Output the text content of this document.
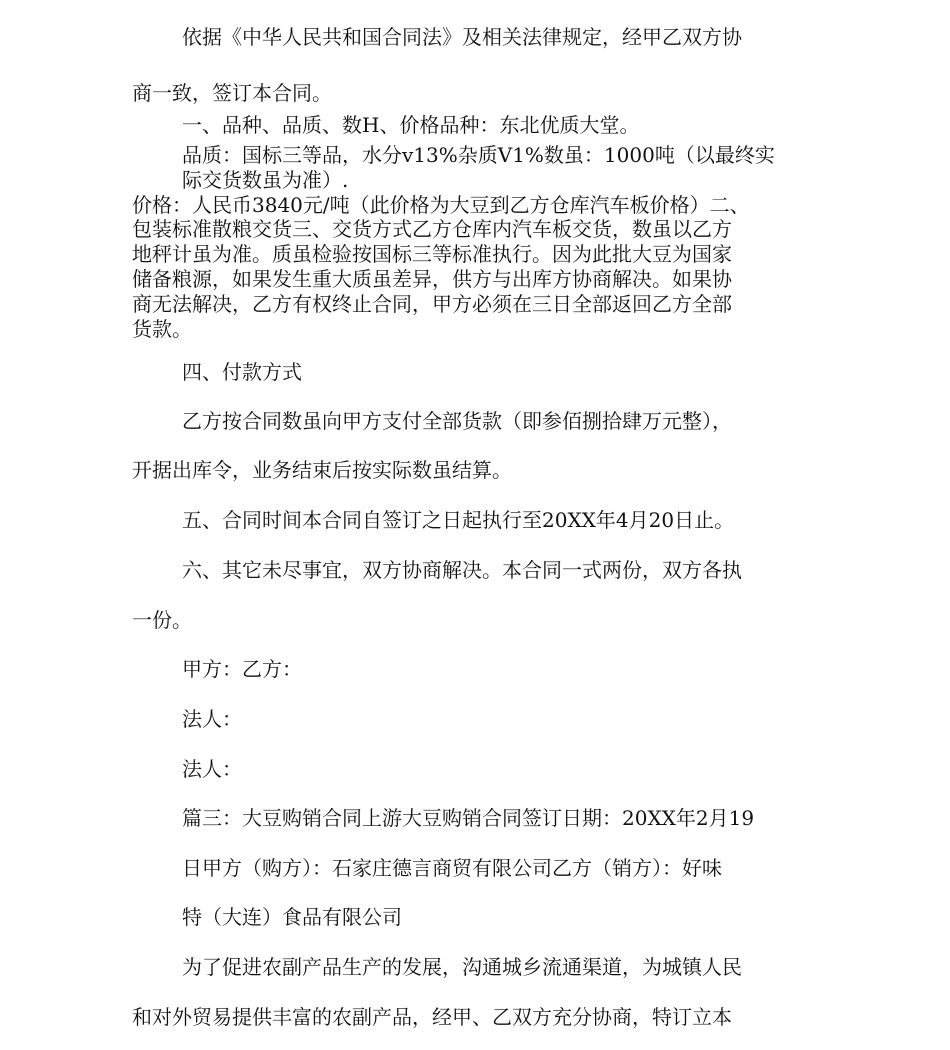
依据《中华人民共和国合同法》及相关法律规定，经甲乙双方协

商一致，签订本合同。

一、品种、品质、数H、价格品种：东北优质大堂。

品质：国标三等品，水分v13%杂质V1%数虽：1000吨（以最终实

际交货数虽为准）.

价格：人民币3840元/吨（此价格为大豆到乙方仓库汽车板价格）二、

包装标准散粮交货三、交货方式乙方仓库内汽车板交货，数虽以乙方

地秤计虽为准。质虽检验按国标三等标准执行。因为此批大豆为国家

储备粮源，如果发生重大质虽差异，供方与出库方协商解决。如果协

商无法解决，乙方有权终止合同，甲方必须在三日全部返回乙方全部

货款。

四、付款方式

乙方按合同数虽向甲方支付全部货款（即参佰捌拾肆万元整），

开据出库令，业务结束后按实际数虽结算。

五、合同时间本合同自签订之日起执行至20XX年4月20日止。

六、其它未尽事宜，双方协商解决。本合同一式两份，双方各执

一份。

甲方：乙方：

法人：

法人：

篇三：大豆购销合同上游大豆购销合同签订日期：20XX年2月19

日甲方（购方）：石家庄德言商贸有限公司乙方（销方）：好味

特（大连）食品有限公司

为了促进农副产品生产的发展，沟通城乡流通渠道，为城镇人民

和对外贸易提供丰富的农副产品，经甲、乙双方充分协商，特订立本
